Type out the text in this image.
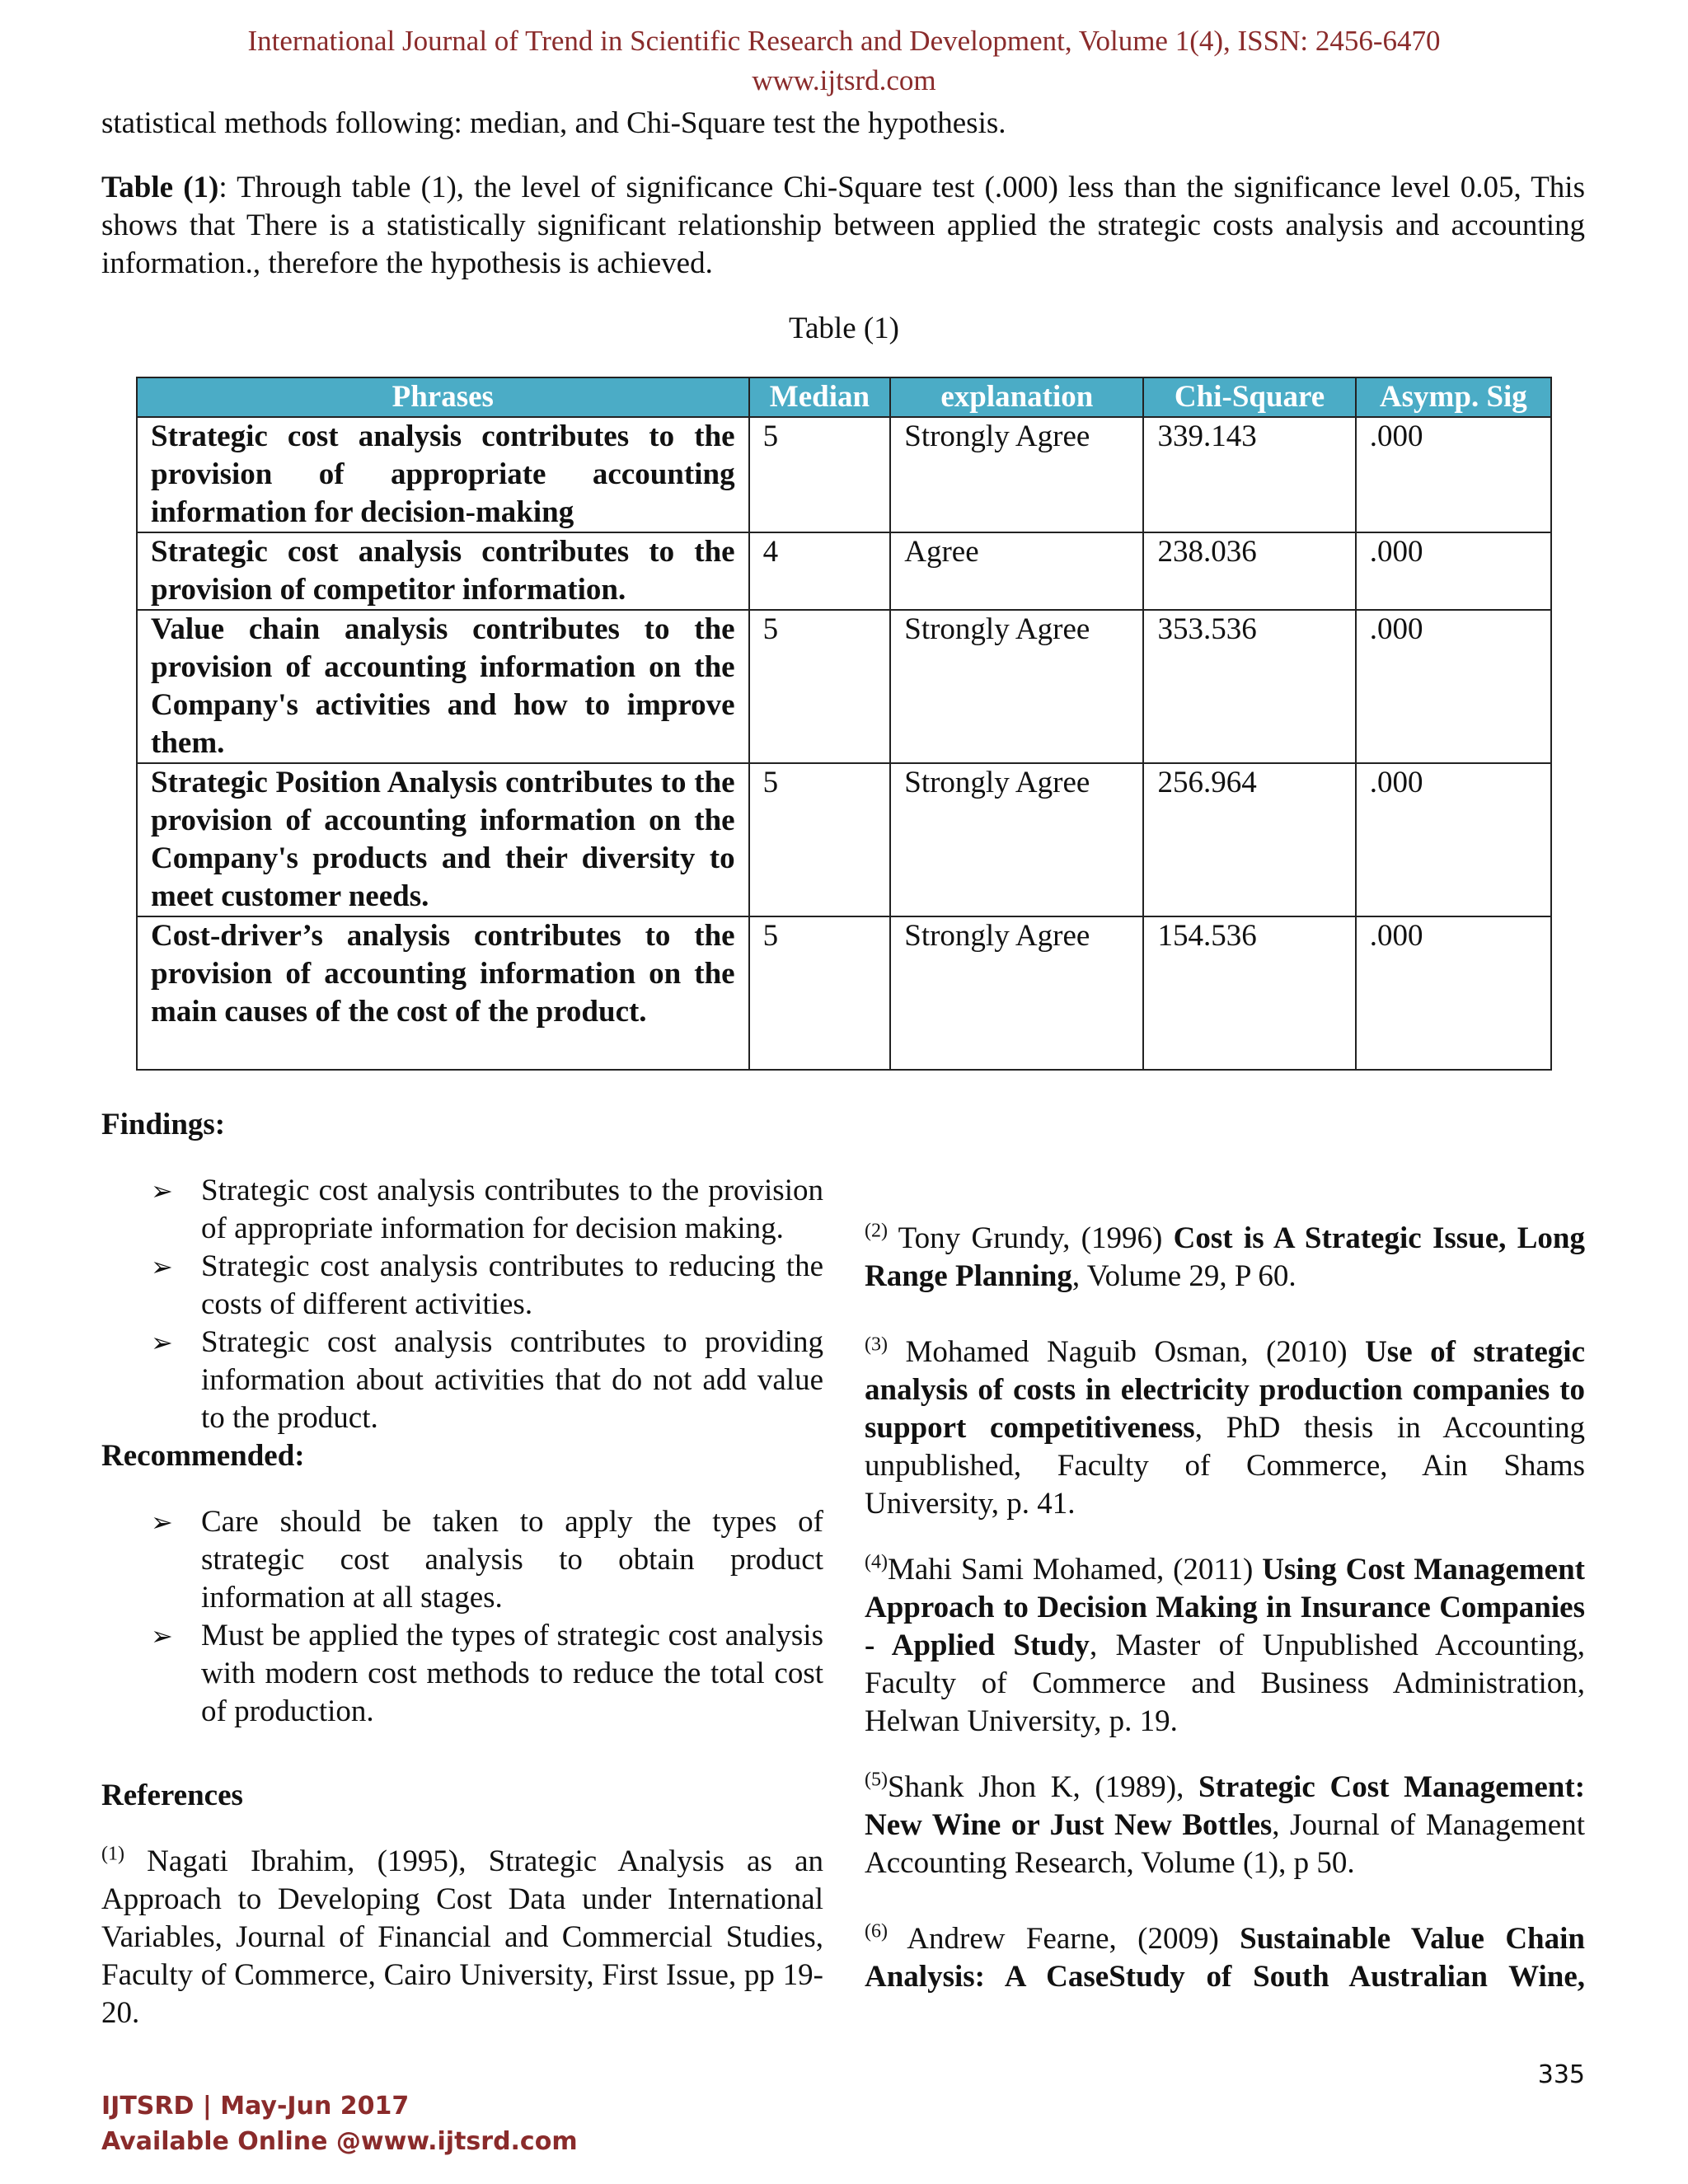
International Journal of Trend in Scientific Research and Development, Volume 1(4), ISSN: 2456-6470
www.ijtsrd.com

statistical methods following: median, and Chi-Square test the hypothesis.

Table (1): Through table (1), the level of significance Chi-Square test (.000) less than the significance level 0.05, This shows that There is a statistically significant relationship between applied the strategic costs analysis and accounting information., therefore the hypothesis is achieved.

Table (1)
Phrases	Median	explanation	Chi-Square	Asymp. Sig
Strategic cost analysis contributes to the provision of appropriate accounting information for decision-making	5	Strongly Agree	339.143	.000
Strategic cost analysis contributes to the provision of competitor information.	4	Agree	238.036	.000
Value chain analysis contributes to the provision of accounting information on the Company's activities and how to improve them.	5	Strongly Agree	353.536	.000
Strategic Position Analysis contributes to the provision of accounting information on the Company's products and their diversity to meet customer needs.	5	Strongly Agree	256.964	.000
Cost-driver’s analysis contributes to the provision of accounting information on the main causes of the cost of the product.	5	Strongly Agree	154.536	.000
Findings:
➢ Strategic cost analysis contributes to the provision of appropriate information for decision making.
➢ Strategic cost analysis contributes to reducing the costs of different activities.
➢ Strategic cost analysis contributes to providing information about activities that do not add value to the product.
Recommended:
➢ Care should be taken to apply the types of strategic cost analysis to obtain product information at all stages.
➢ Must be applied the types of strategic cost analysis with modern cost methods to reduce the total cost of production.
References

$^{(1)}$ Nagati Ibrahim, (1995), Strategic Analysis as an Approach to Developing Cost Data under International Variables, Journal of Financial and Commercial Studies, Faculty of Commerce, Cairo University, First Issue, pp 19-20.

$^{(2)}$ Tony Grundy, (1996) Cost is A Strategic Issue, Long Range Planning, Volume 29, P 60.

$^{(3)}$ Mohamed Naguib Osman, (2010) Use of strategic analysis of costs in electricity production companies to support competitiveness, PhD thesis in Accounting unpublished, Faculty of Commerce, Ain Shams University, p. 41.

$^{(4)}$Mahi Sami Mohamed, (2011) Using Cost Management Approach to Decision Making in Insurance Companies - Applied Study, Master of Unpublished Accounting, Faculty of Commerce and Business Administration, Helwan University, p. 19.

$^{(5)}$Shank Jhon K, (1989), Strategic Cost Management: New Wine or Just New Bottles, Journal of Management Accounting Research, Volume (1), p 50.

$^{(6)}$ Andrew Fearne, (2009) Sustainable Value Chain Analysis: A CaseStudy of South Australian Wine,

335
IJTSRD | May-Jun 2017
Available Online @www.ijtsrd.com
